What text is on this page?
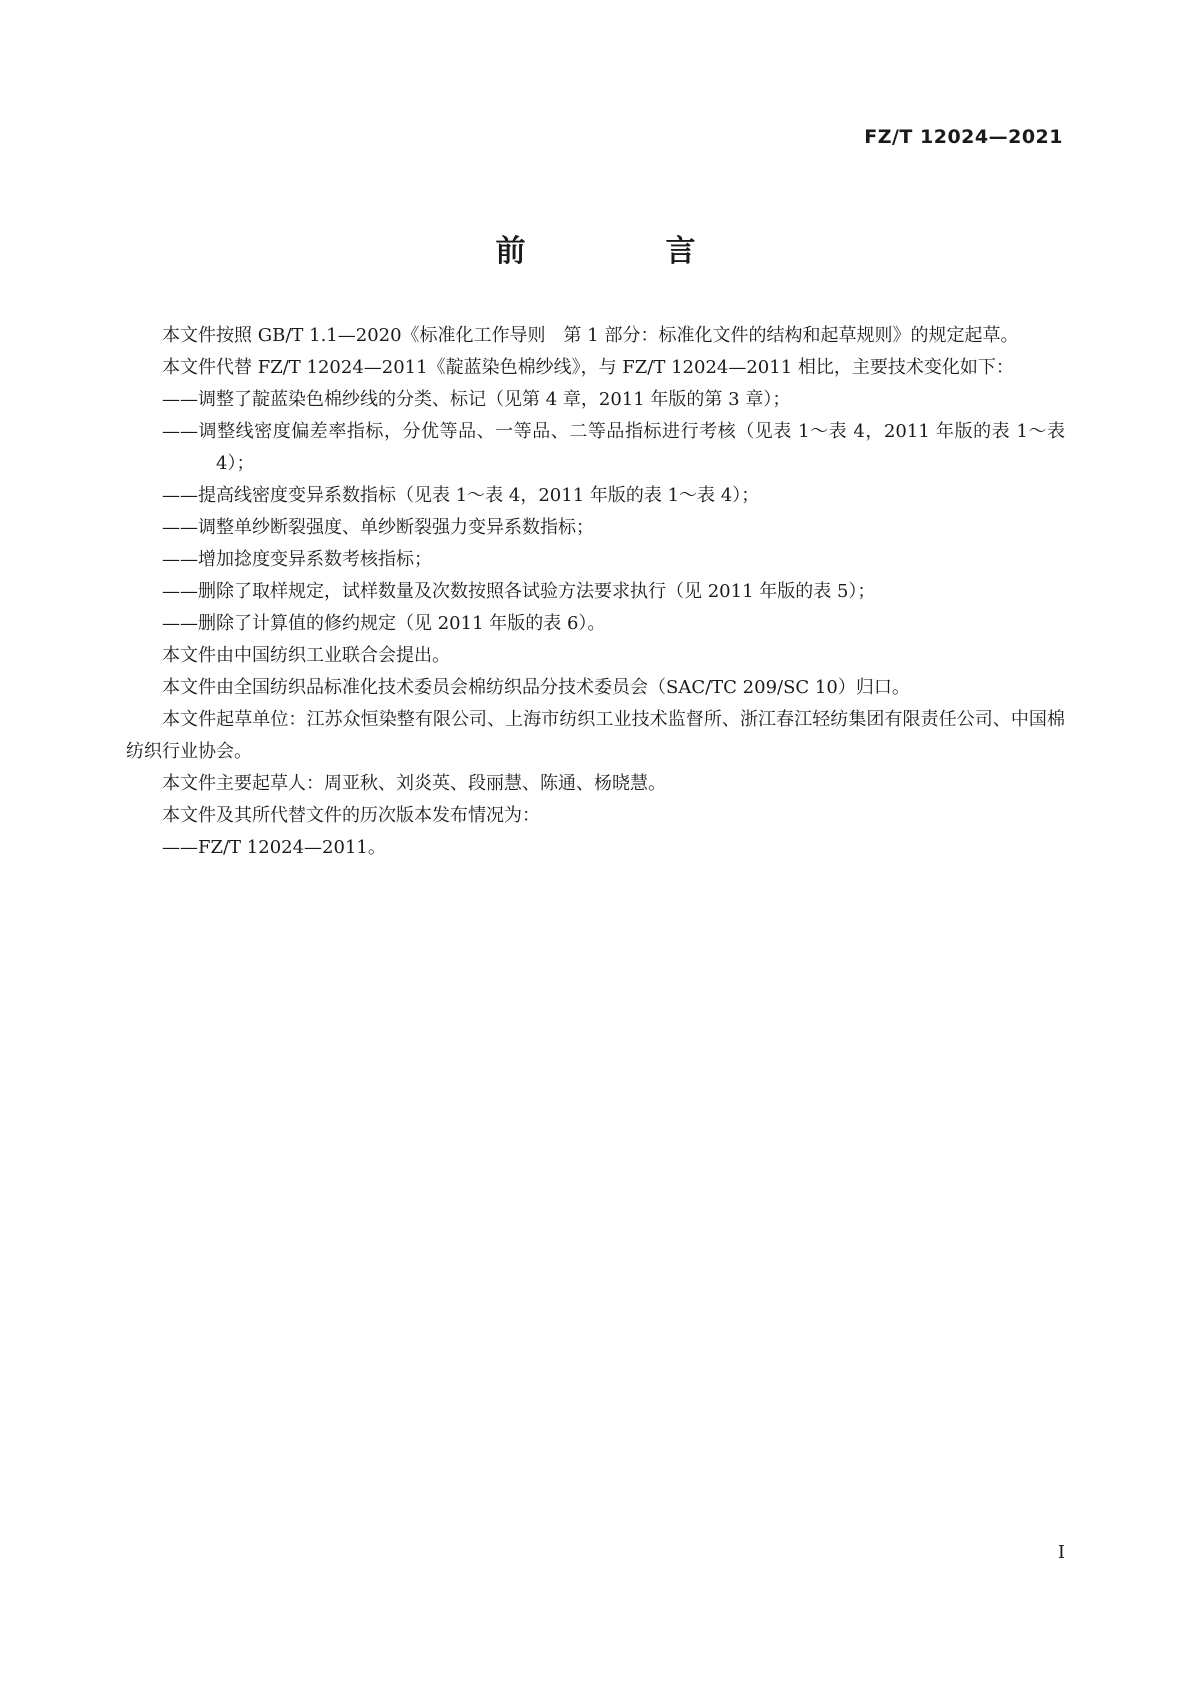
FZ/T 12024—2021

前　言

本文件按照 GB/T 1.1—2020《标准化工作导则　第 1 部分：标准化文件的结构和起草规则》的规定起草。

本文件代替 FZ/T 12024—2011《靛蓝染色棉纱线》，与 FZ/T 12024—2011 相比，主要技术变化如下：

——调整了靛蓝染色棉纱线的分类、标记（见第 4 章，2011 年版的第 3 章）；

——调整线密度偏差率指标，分优等品、一等品、二等品指标进行考核（见表 1～表 4，2011 年版的表 1～表 4）；

——提高线密度变异系数指标（见表 1～表 4，2011 年版的表 1～表 4）；

——调整单纱断裂强度、单纱断裂强力变异系数指标；

——增加捻度变异系数考核指标；

——删除了取样规定，试样数量及次数按照各试验方法要求执行（见 2011 年版的表 5）；

——删除了计算值的修约规定（见 2011 年版的表 6）。

本文件由中国纺织工业联合会提出。

本文件由全国纺织品标准化技术委员会棉纺织品分技术委员会（SAC/TC 209/SC 10）归口。

本文件起草单位：江苏众恒染整有限公司、上海市纺织工业技术监督所、浙江春江轻纺集团有限责任公司、中国棉纺织行业协会。

本文件主要起草人：周亚秋、刘炎英、段丽慧、陈通、杨晓慧。

本文件及其所代替文件的历次版本发布情况为：

——FZ/T 12024—2011。

I
